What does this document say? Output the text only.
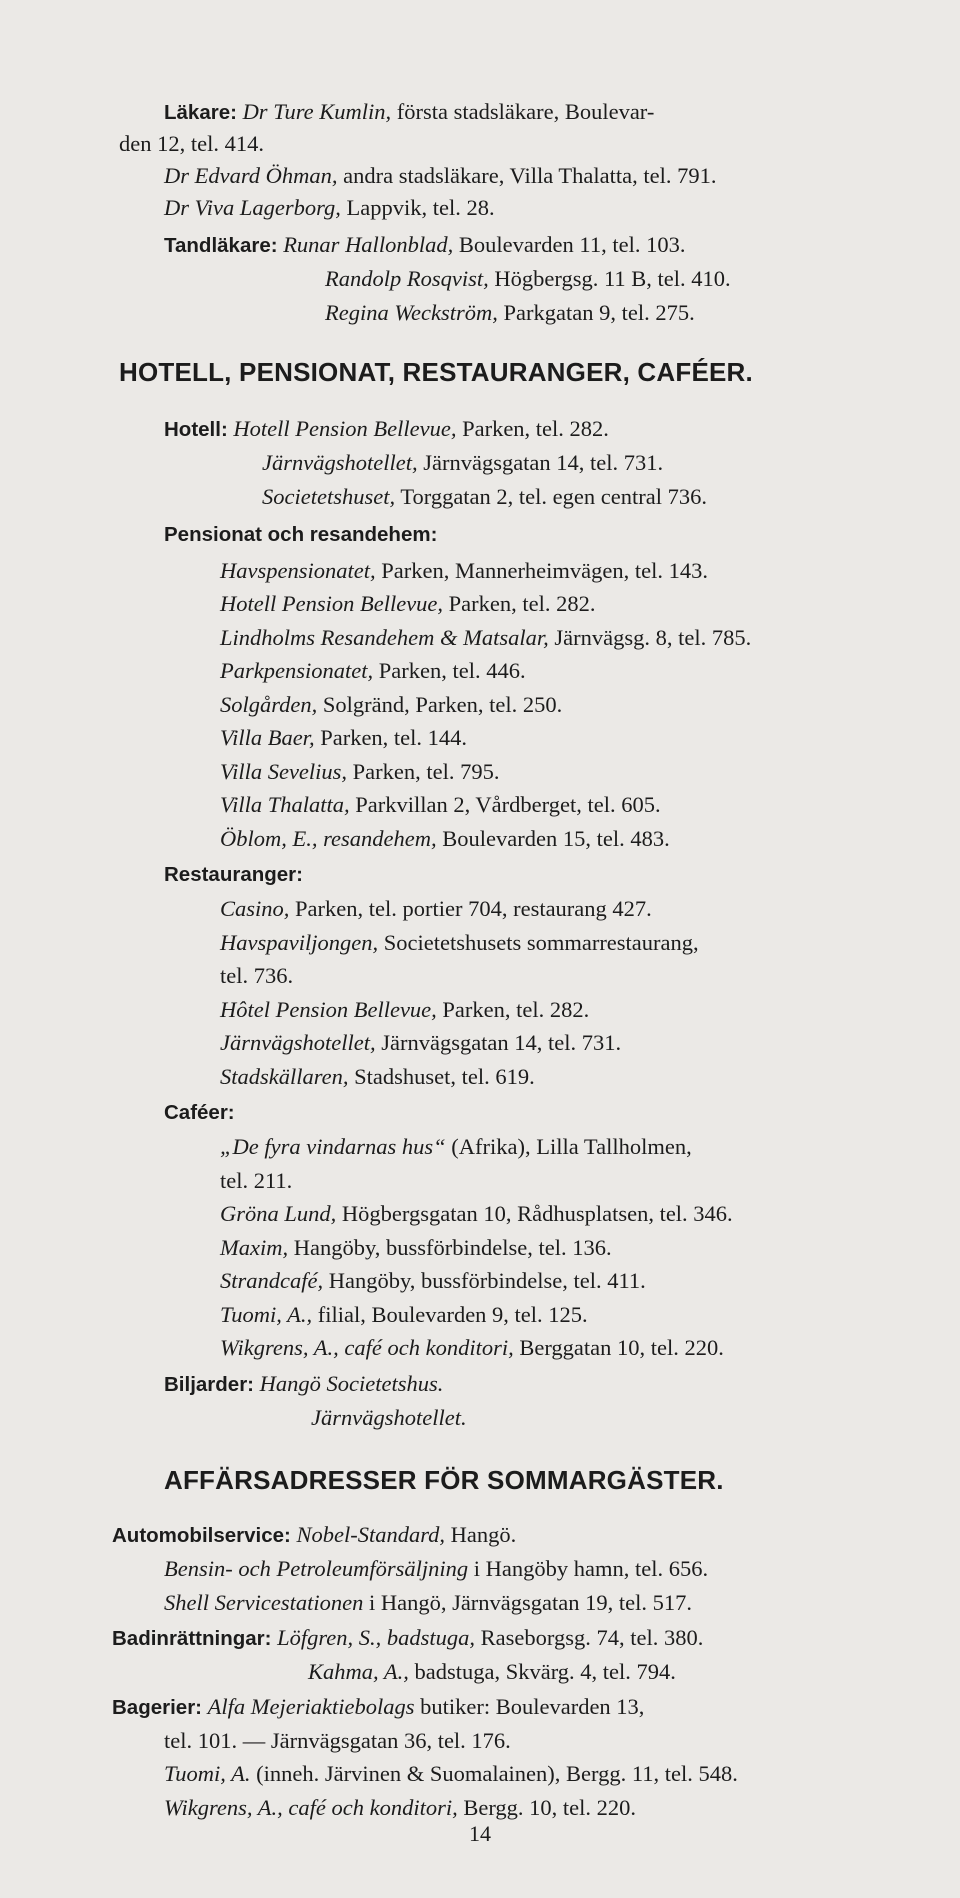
Läkare: Dr Ture Kumlin, första stadsläkare, Boulevar-
den 12, tel. 414.
Dr Edvard Öhman, andra stadsläkare, Villa Thalatta, tel. 791.
Dr Viva Lagerborg, Lappvik, tel. 28.
Tandläkare: Runar Hallonblad, Boulevarden 11, tel. 103.
Randolp Rosqvist, Högbergsg. 11 B, tel. 410.
Regina Weckström, Parkgatan 9, tel. 275.
HOTELL, PENSIONAT, RESTAURANGER, CAFÉER.
Hotell: Hotell Pension Bellevue, Parken, tel. 282.
Järnvägshotellet, Järnvägsgatan 14, tel. 731.
Societetshuset, Torggatan 2, tel. egen central 736.
Pensionat och resandehem:
Havspensionatet, Parken, Mannerheimvägen, tel. 143.
Hotell Pension Bellevue, Parken, tel. 282.
Lindholms Resandehem & Matsalar, Järnvägsg. 8, tel. 785.
Parkpensionatet, Parken, tel. 446.
Solgården, Solgränd, Parken, tel. 250.
Villa Baer, Parken, tel. 144.
Villa Sevelius, Parken, tel. 795.
Villa Thalatta, Parkvillan 2, Vårdberget, tel. 605.
Öblom, E., resandehem, Boulevarden 15, tel. 483.
Restauranger:
Casino, Parken, tel. portier 704, restaurang 427.
Havspaviljongen, Societetshusets sommarrestaurang,
tel. 736.
Hôtel Pension Bellevue, Parken, tel. 282.
Järnvägshotellet, Järnvägsgatan 14, tel. 731.
Stadskällaren, Stadshuset, tel. 619.
Caféer:
„De fyra vindarnas hus“ (Afrika), Lilla Tallholmen,
tel. 211.
Gröna Lund, Högbergsgatan 10, Rådhusplatsen, tel. 346.
Maxim, Hangöby, bussförbindelse, tel. 136.
Strandcafé, Hangöby, bussförbindelse, tel. 411.
Tuomi, A., filial, Boulevarden 9, tel. 125.
Wikgrens, A., café och konditori, Berggatan 10, tel. 220.
Biljarder: Hangö Societetshus.
Järnvägshotellet.
AFFÄRSADRESSER FÖR SOMMARGÄSTER.
Automobilservice: Nobel-Standard, Hangö.
Bensin- och Petroleumförsäljning i Hangöby hamn, tel. 656.
Shell Servicestationen i Hangö, Järnvägsgatan 19, tel. 517.
Badinrättningar: Löfgren, S., badstuga, Raseborgsg. 74, tel. 380.
Kahma, A., badstuga, Skvärg. 4, tel. 794.
Bagerier: Alfa Mejeriaktiebolags butiker: Boulevarden 13,
tel. 101. — Järnvägsgatan 36, tel. 176.
Tuomi, A. (inneh. Järvinen & Suomalainen), Bergg. 11, tel. 548.
Wikgrens, A., café och konditori, Bergg. 10, tel. 220.
14
